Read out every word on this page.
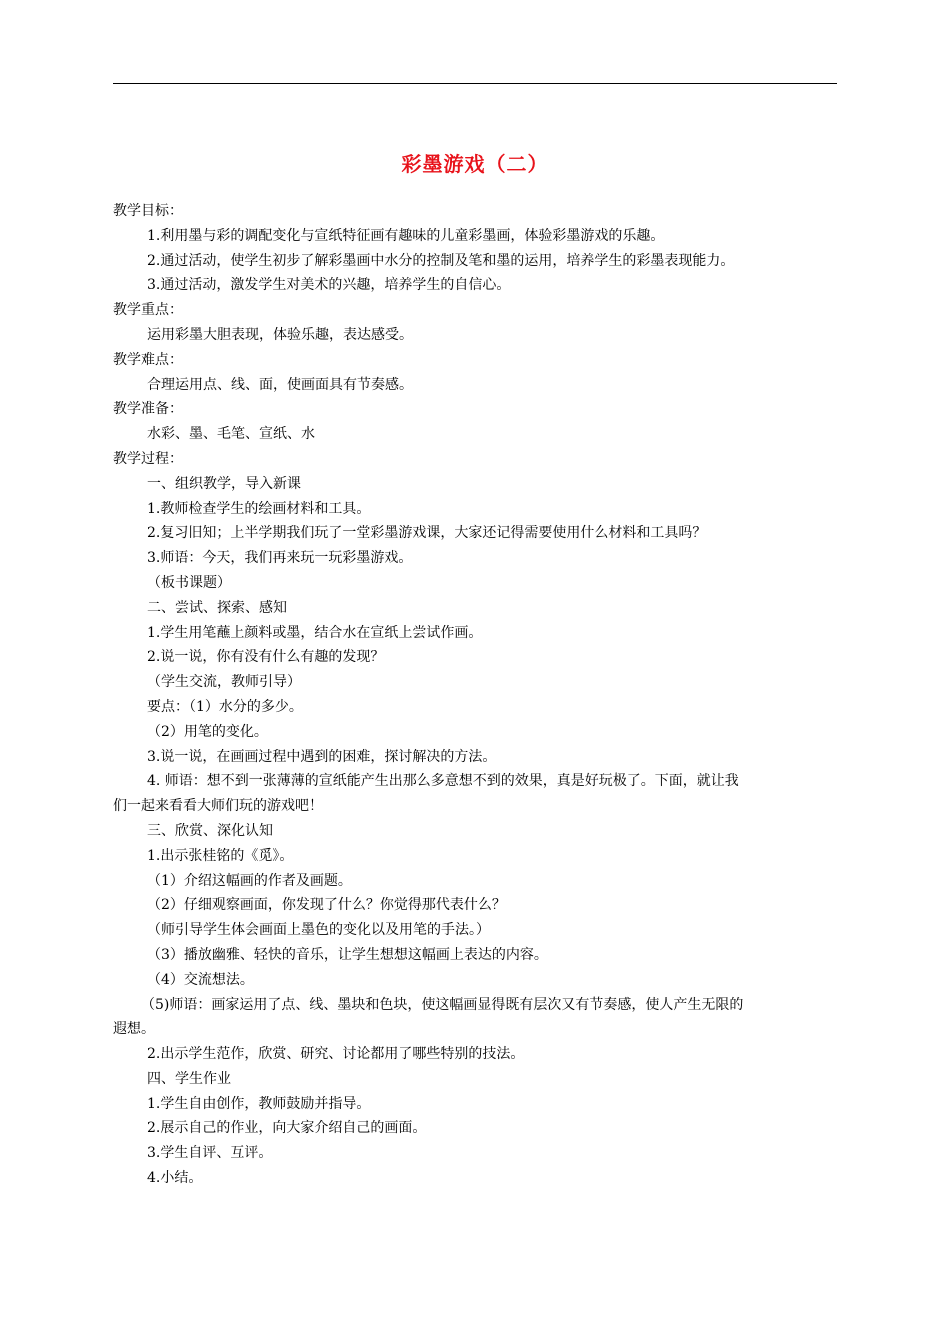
彩墨游戏（二）
教学目标：
1.利用墨与彩的调配变化与宣纸特征画有趣味的儿童彩墨画，体验彩墨游戏的乐趣。
2.通过活动，使学生初步了解彩墨画中水分的控制及笔和墨的运用，培养学生的彩墨表现能力。
3.通过活动，激发学生对美术的兴趣，培养学生的自信心。
教学重点：
运用彩墨大胆表现，体验乐趣，表达感受。
教学难点：
合理运用点、线、面，使画面具有节奏感。
教学准备：
水彩、墨、毛笔、宣纸、水
教学过程：
一、组织教学，导入新课
1.教师检查学生的绘画材料和工具。
2.复习旧知；上半学期我们玩了一堂彩墨游戏课，大家还记得需要使用什么材料和工具吗？
3.师语：今天，我们再来玩一玩彩墨游戏。
（板书课题）
二、尝试、探索、感知
1.学生用笔蘸上颜料或墨，结合水在宣纸上尝试作画。
2.说一说，你有没有什么有趣的发现？
（学生交流，教师引导）
要点：（1）水分的多少。
（2）用笔的变化。
3.说一说，在画画过程中遇到的困难，探讨解决的方法。
4. 师语：想不到一张薄薄的宣纸能产生出那么多意想不到的效果，真是好玩极了。下面，就让我
们一起来看看大师们玩的游戏吧！
三、欣赏、深化认知
1.出示张桂铭的《觅》。
（1）介绍这幅画的作者及画题。
（2）仔细观察画面，你发现了什么？你觉得那代表什么？
（师引导学生体会画面上墨色的变化以及用笔的手法。）
（3）播放幽雅、轻快的音乐，让学生想想这幅画上表达的内容。
（4）交流想法。
（5)师语：画家运用了点、线、墨块和色块，使这幅画显得既有层次又有节奏感，使人产生无限的
遐想。
2.出示学生范作，欣赏、研究、讨论都用了哪些特别的技法。
四、学生作业
1.学生自由创作，教师鼓励并指导。
2.展示自己的作业，向大家介绍自己的画面。
3.学生自评、互评。
4.小结。
